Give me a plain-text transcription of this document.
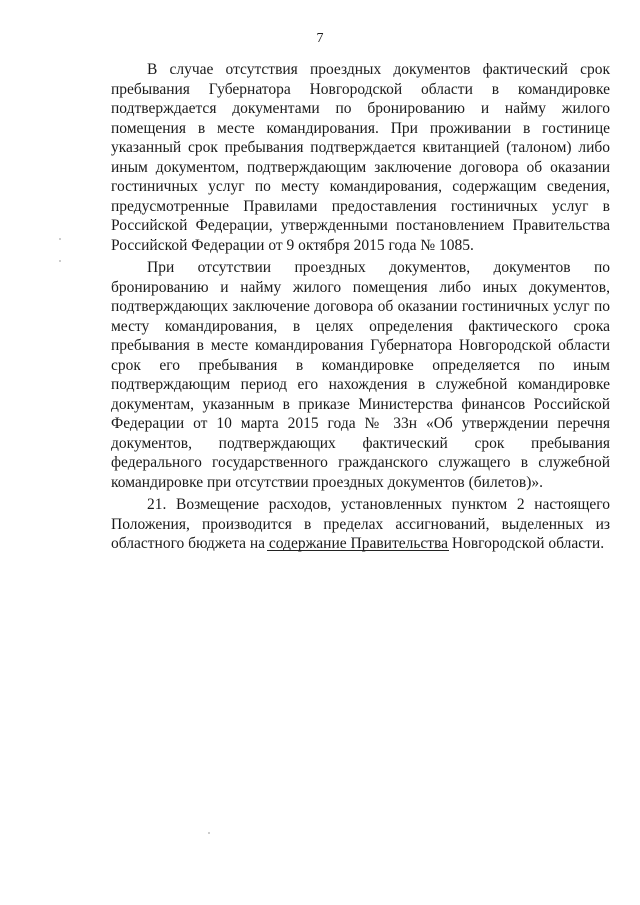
7

В случае отсутствия проездных документов фактический срок пребывания Губернатора Новгородской области в командировке подтверждается документами по бронированию и найму жилого помещения в месте командирования. При проживании в гостинице указанный срок пребывания подтверждается квитанцией (талоном) либо иным документом, подтверждающим заключение договора об оказании гостиничных услуг по месту командирования, содержащим сведения, предусмотренные Правилами предоставления гостиничных услуг в Российской Федерации, утвержденными постановлением Правительства Российской Федерации от 9 октября 2015 года № 1085.

При отсутствии проездных документов, документов по бронированию и найму жилого помещения либо иных документов, подтверждающих заключение договора об оказании гостиничных услуг по месту командирования, в целях определения фактического срока пребывания в месте командирования Губернатора Новгородской области срок его пребывания в командировке определяется по иным подтверждающим период его нахождения в служебной командировке документам, указанным в приказе Министерства финансов Российской Федерации от 10 марта 2015 года № 33н «Об утверждении перечня документов, подтверждающих фактический срок пребывания федерального государственного гражданского служащего в служебной командировке при отсутствии проездных документов (билетов)».

21. Возмещение расходов, установленных пунктом 2 настоящего Положения, производится в пределах ассигнований, выделенных из областного бюджета на содержание Правительства Новгородской области.
